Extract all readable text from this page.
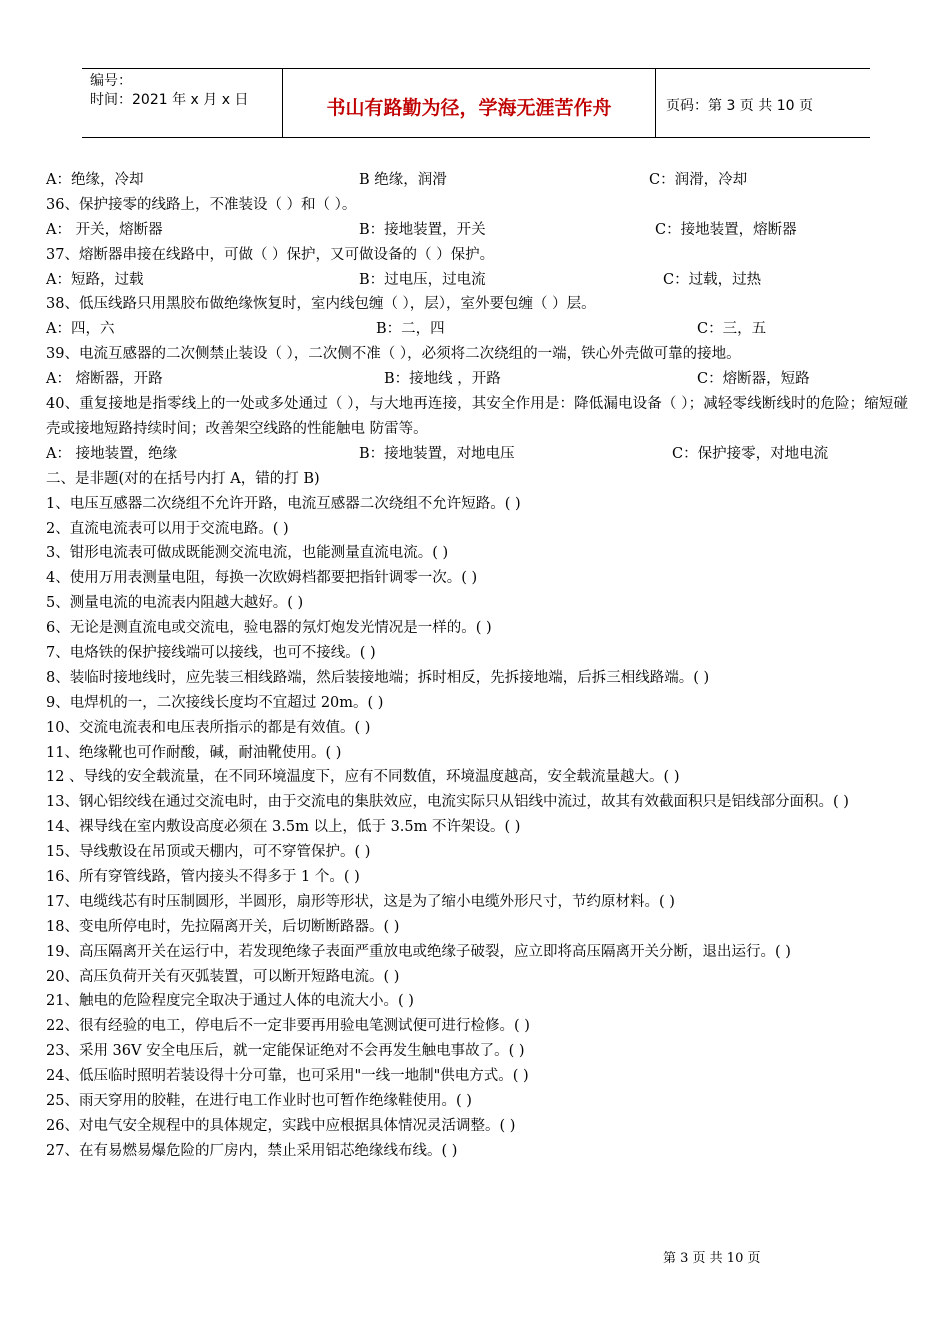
编号：
时间：2021 年 x 月 x 日	书山有路勤为径，学海无涯苦作舟	页码：第 3 页 共 10 页
A：绝缘，冷却	B 绝缘，润滑	C：润滑，冷却
36、保护接零的线路上，不准装设（ ）和（ ）。
A： 开关，熔断器	B：接地装置，开关	C：接地装置，熔断器
37、熔断器串接在线路中，可做（ ）保护，又可做设备的（ ）保护。
A：短路，过载	B：过电压，过电流	C：过载，过热
38、低压线路只用黑胶布做绝缘恢复时，室内线包缠（ ），层），室外要包缠（ ）层。
A：四，六	B：二，四	C：三，五
39、电流互感器的二次侧禁止装设（ ），二次侧不准（ ），必须将二次绕组的一端，铁心外壳做可靠的接地。
A： 熔断器，开路	B：接地线 ，开路	C：熔断器，短路
40、重复接地是指零线上的一处或多处通过（ ），与大地再连接，其安全作用是：降低漏电设备（ ）；减轻零线断线时的危险；缩短碰壳或接地短路持续时间；改善架空线路的性能触电 防雷等。
A： 接地装置，绝缘	B：接地装置，对地电压	C：保护接零，对地电流
二、是非题(对的在括号内打 A，错的打 B)
1、电压互感器二次绕组不允许开路，电流互感器二次绕组不允许短路。( )
2、直流电流表可以用于交流电路。( )
3、钳形电流表可做成既能测交流电流，也能测量直流电流。( )
4、使用万用表测量电阻，每换一次欧姆档都要把指针调零一次。( )
5、测量电流的电流表内阻越大越好。( )
6、无论是测直流电或交流电，验电器的氖灯炮发光情况是一样的。( )
7、电烙铁的保护接线端可以接线，也可不接线。( )
8、装临时接地线时，应先装三相线路端，然后装接地端；拆时相反，先拆接地端，后拆三相线路端。( )
9、电焊机的一，二次接线长度均不宜超过 20m。( )
10、交流电流表和电压表所指示的都是有效值。( )
11、绝缘靴也可作耐酸，碱，耐油靴使用。( )
12 、导线的安全载流量，在不同环境温度下，应有不同数值，环境温度越高，安全载流量越大。( )
13、钢心铝绞线在通过交流电时，由于交流电的集肤效应，电流实际只从铝线中流过，故其有效截面积只是铝线部分面积。( )
14、裸导线在室内敷设高度必须在 3.5m 以上，低于 3.5m 不许架设。( )
15、导线敷设在吊顶或天棚内，可不穿管保护。( )
16、所有穿管线路，管内接头不得多于 1 个。( )
17、电缆线芯有时压制圆形，半圆形，扇形等形状，这是为了缩小电缆外形尺寸，节约原材料。( )
18、变电所停电时，先拉隔离开关，后切断断路器。( )
19、高压隔离开关在运行中，若发现绝缘子表面严重放电或绝缘子破裂，应立即将高压隔离开关分断，退出运行。( )
20、高压负荷开关有灭弧装置，可以断开短路电流。( )
21、触电的危险程度完全取决于通过人体的电流大小。( )
22、很有经验的电工，停电后不一定非要再用验电笔测试便可进行检修。( )
23、采用 36V 安全电压后，就一定能保证绝对不会再发生触电事故了。( )
24、低压临时照明若装设得十分可靠，也可采用"一线一地制"供电方式。( )
25、雨天穿用的胶鞋，在进行电工作业时也可暂作绝缘鞋使用。( )
26、对电气安全规程中的具体规定，实践中应根据具体情况灵活调整。( )
27、在有易燃易爆危险的厂房内，禁止采用铝芯绝缘线布线。( )
第 3 页 共 10 页
